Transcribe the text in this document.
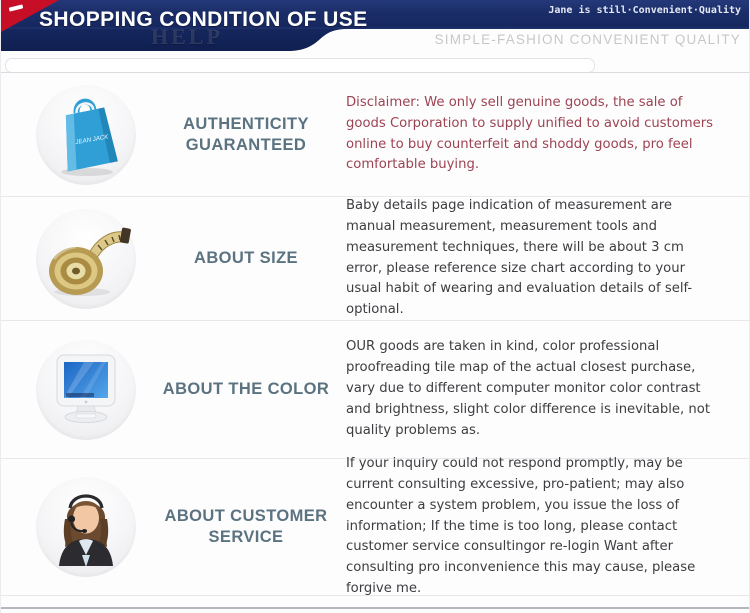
HELP
SHOPPING CONDITION OF USE	Jane is still·Convenient·Quality
SIMPLE-FASHION CONVENIENT QUALITY
JEAN JACK
AUTHENTICITY GUARANTEED

Disclaimer: We only sell genuine goods, the sale of goods Corporation to supply unified to avoid customers online to buy counterfeit and shoddy goods, pro feel comfortable buying.

ABOUT SIZE

Baby details page indication of measurement are manual measurement, measurement tools and measurement techniques, there will be about 3 cm error, please reference size chart according to your usual habit of wearing and evaluation details of self-optional.

ABOUT THE COLOR

OUR goods are taken in kind, color professional proofreading tile map of the actual closest purchase, vary due to different computer monitor color contrast and brightness, slight color difference is inevitable, not quality problems as.

ABOUT CUSTOMER SERVICE

If your inquiry could not respond promptly, may be current consulting excessive, pro-patient; may also encounter a system problem, you issue the loss of information; If the time is too long, please contact customer service consultingor re-login Want after consulting pro inconvenience this may cause, please forgive me.
